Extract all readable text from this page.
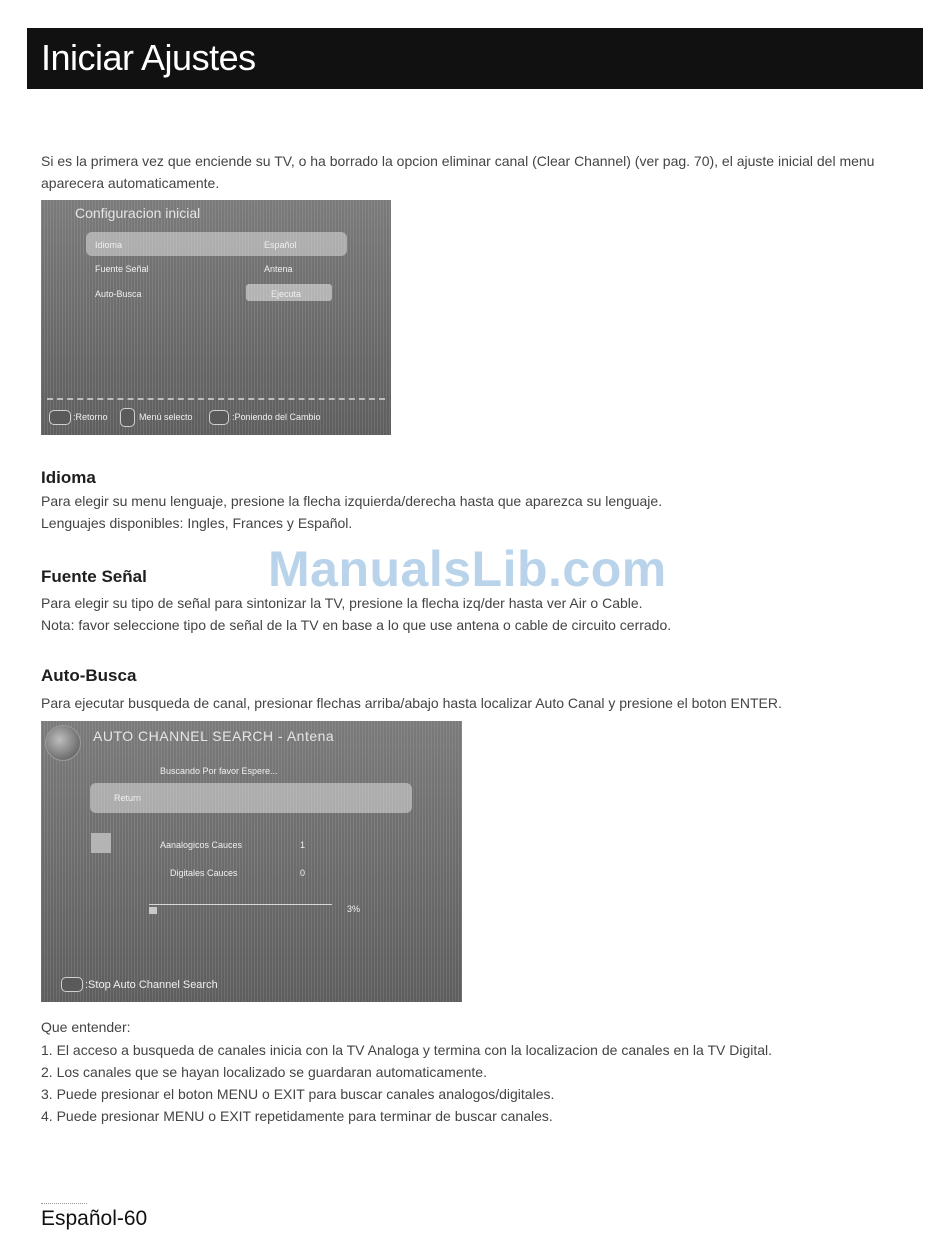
Iniciar Ajustes
Si es la primera vez que enciende su TV, o ha borrado la opcion eliminar canal (Clear Channel) (ver pag. 70), el ajuste inicial del menu aparecera automaticamente.
Configuracion inicial
Idioma	Español
Fuente Señal	Antena
Auto-Busca	Ejecuta
:Retorno	Menú selecto	:Poniendo del Cambio
ManualsLib.com
Idioma
Para elegir su menu lenguaje, presione la flecha izquierda/derecha hasta que aparezca su lenguaje.
Lenguajes disponibles: Ingles, Frances y Español.
Fuente Señal
Para elegir su tipo de señal para sintonizar la TV, presione la flecha izq/der hasta ver Air o Cable.
Nota: favor seleccione tipo de señal de la TV en base a lo que use antena o cable de circuito cerrado.
Auto-Busca
Para ejecutar busqueda de canal, presionar flechas arriba/abajo hasta localizar Auto Canal y presione el boton ENTER.
AUTO CHANNEL SEARCH - Antena
Buscando Por favor Espere...
Return
Aanalogicos Cauces	1
Digitales Cauces	0
3%
:Stop Auto Channel Search
Que entender:
1. El acceso a busqueda de canales inicia con la TV Analoga y termina con la localizacion de canales en la TV Digital.
2. Los canales que se hayan localizado se guardaran automaticamente.
3. Puede presionar el boton MENU o EXIT para buscar canales analogos/digitales.
4. Puede presionar MENU o EXIT repetidamente para terminar de buscar canales.
Español-60
